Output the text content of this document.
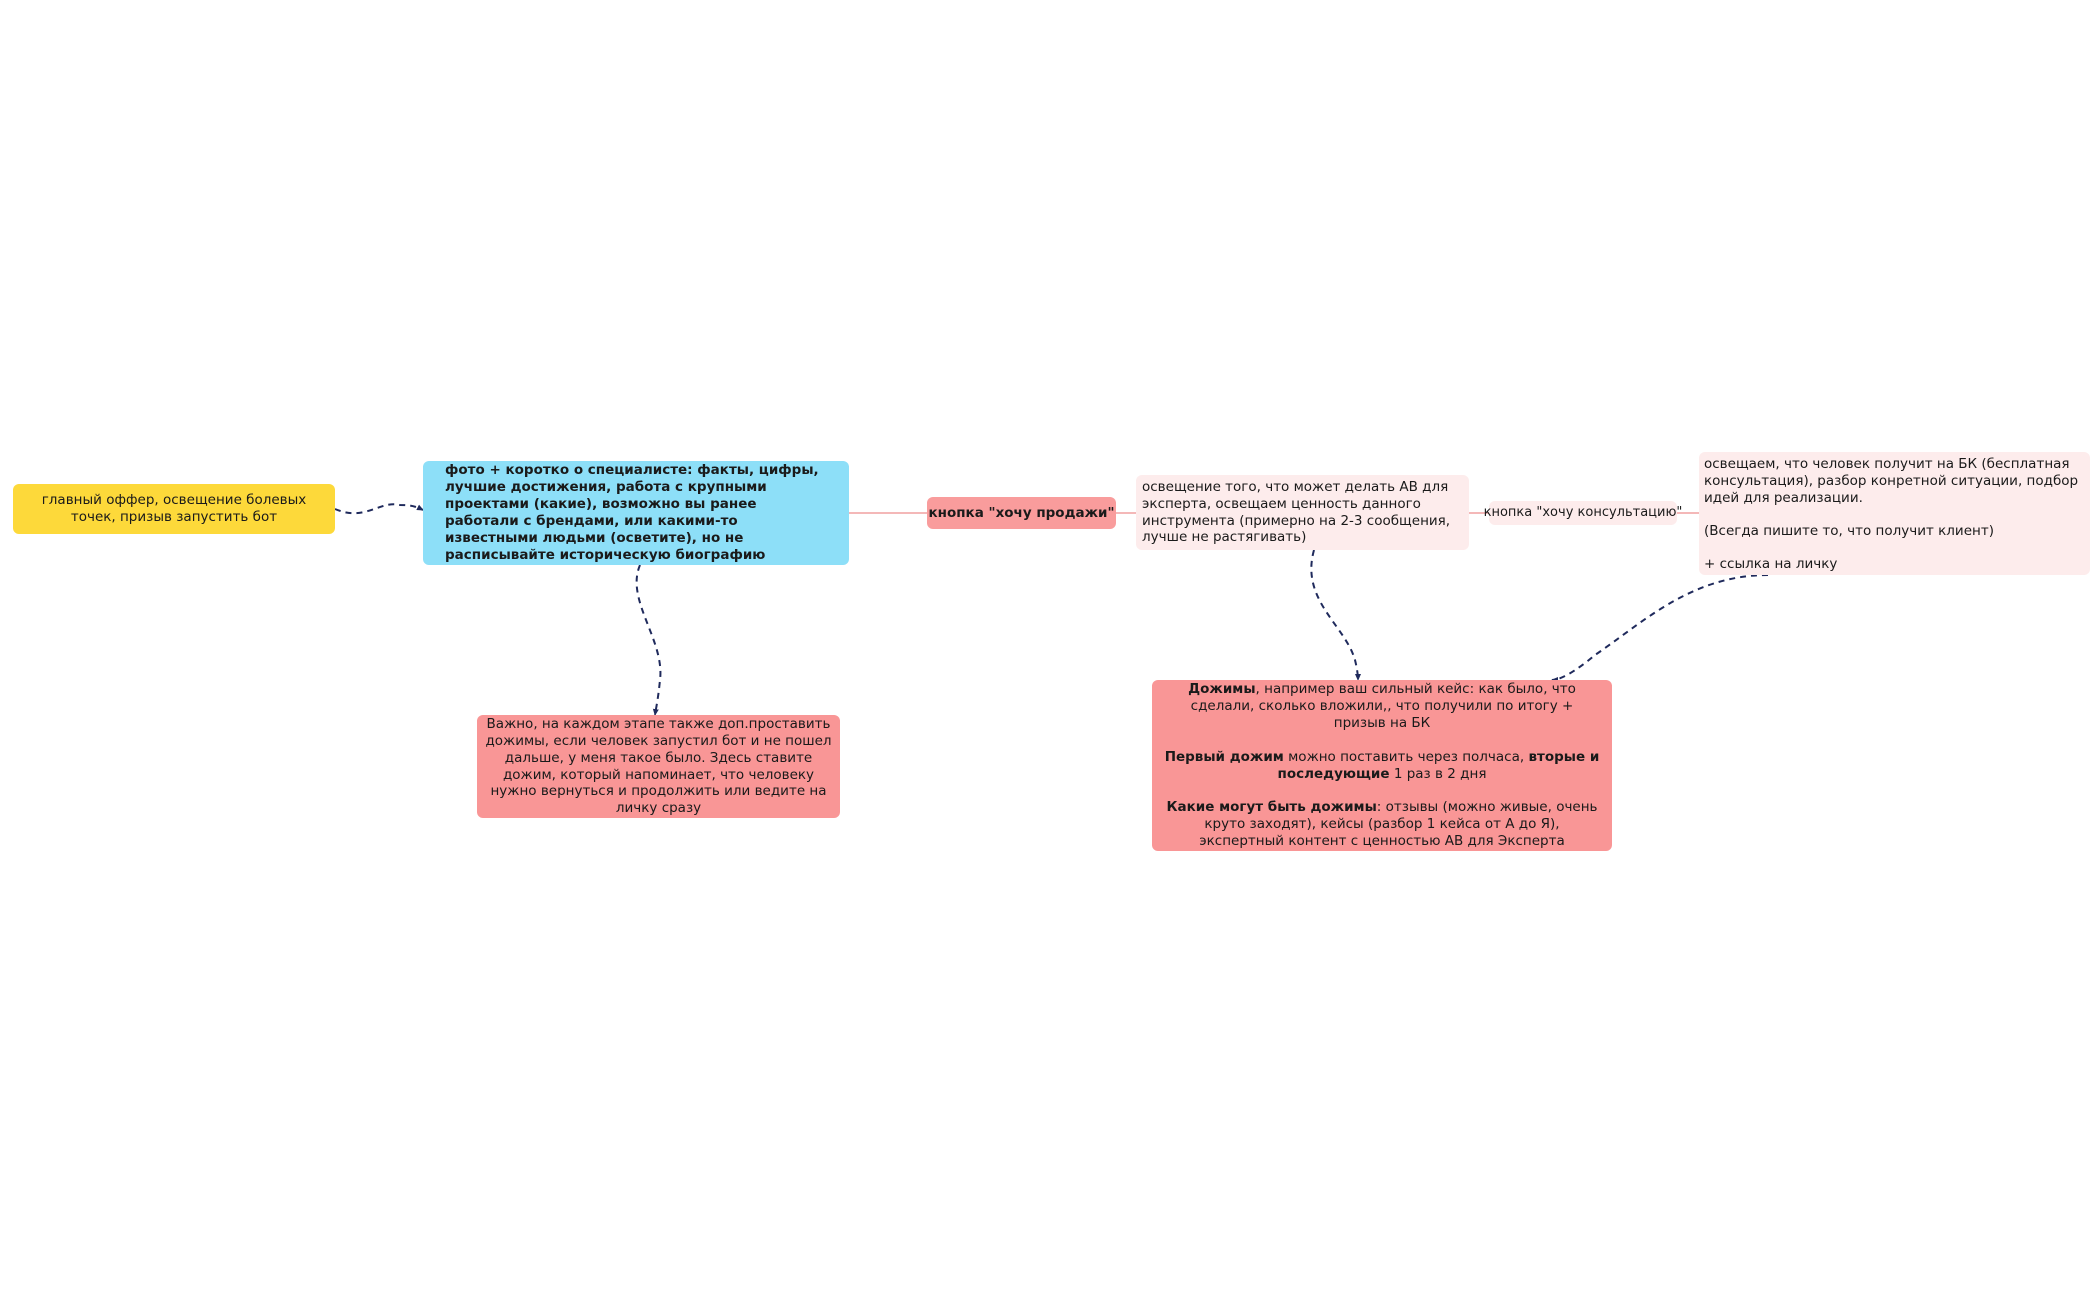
главный оффер, освещение болевых точек, призыв запустить бот
фото + коротко о специалисте: факты, цифры, лучшие достижения, работа с крупными проектами (какие), возможно вы ранее работали с брендами, или какими-то известными людьми (осветите), но не расписывайте историческую биографию
кнопка "хочу продажи"
освещение того, что может делать АВ для эксперта, освещаем ценность данного инструмента (примерно на 2-3 сообщения, лучше не растягивать)
кнопка "хочу консультацию"

освещаем, что человек получит на БК (бесплатная консультация), разбор конретной ситуации, подбор идей для реализации.

(Всегда пишите то, что получит клиент)

+ ссылка на личку

Важно, на каждом этапе также доп.проставить дожимы, если человек запустил бот и не пошел дальше, у меня такое было. Здесь ставите дожим, который напоминает, что человеку нужно вернуться и продолжить или ведите на личку сразу

Дожимы, например ваш сильный кейс: как было, что сделали, сколько вложили,, что получили по итогу + призыв на БК

Первый дожим можно поставить через полчаса, вторые и последующие 1 раз в 2 дня

Какие могут быть дожимы: отзывы (можно живые, очень круто заходят), кейсы (разбор 1 кейса от А до Я), экспертный контент с ценностью АВ для Эксперта
